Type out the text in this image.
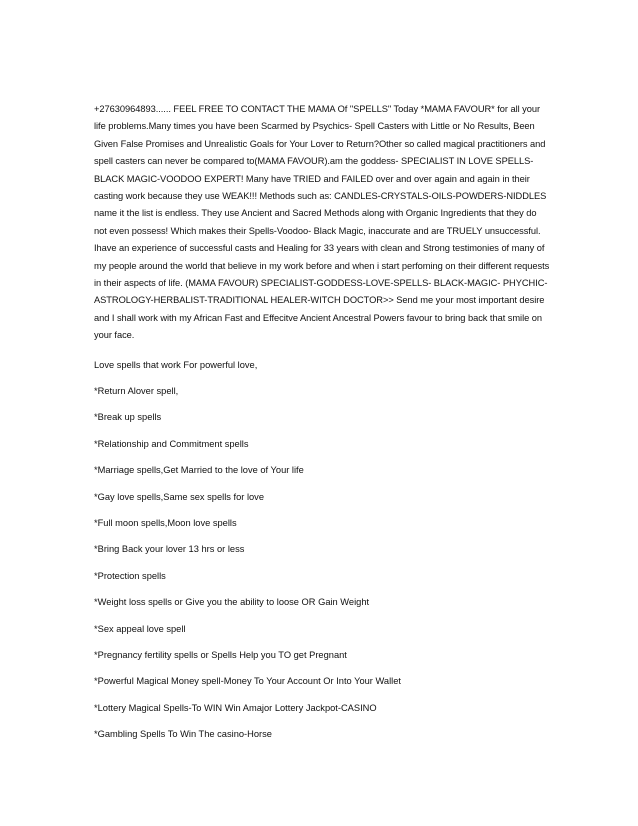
+27630964893...... FEEL FREE TO CONTACT THE MAMA Of "SPELLS" Today *MAMA FAVOUR* for all your life problems.Many times you have been Scarmed by Psychics- Spell Casters with Little or No Results, Been Given False Promises and Unrealistic Goals for Your Lover to Return?Other so called magical practitioners and spell casters can never be compared to(MAMA FAVOUR).am the goddess- SPECIALIST IN LOVE SPELLS-BLACK MAGIC-VOODOO EXPERT! Many have TRIED and FAILED over and over again and again in their casting work because they use WEAK!!! Methods such as: CANDLES-CRYSTALS-OILS-POWDERS-NIDDLES name it the list is endless. They use Ancient and Sacred Methods along with Organic Ingredients that they do not even possess! Which makes their Spells-Voodoo- Black Magic, inaccurate and are TRUELY unsuccessful. Ihave an experience of successful casts and Healing for 33 years with clean and Strong testimonies of many of my people around the world that believe in my work before and when i start perfoming on their different requests in their aspects of life. (MAMA FAVOUR) SPECIALIST-GODDESS-LOVE-SPELLS- BLACK-MAGIC- PHYCHIC-ASTROLOGY-HERBALIST-TRADITIONAL HEALER-WITCH DOCTOR>> Send me your most important desire and I shall work with my African Fast and Effecitve Ancient Ancestral Powers favour to bring back that smile on your face.

Love spells that work For powerful love,
*Return Alover spell,
*Break up spells
*Relationship and Commitment spells
*Marriage spells,Get Married to the love of Your life
*Gay love spells,Same sex spells for love
*Full moon spells,Moon love spells
*Bring Back your lover 13 hrs or less
*Protection spells
*Weight loss spells or Give you the ability to loose OR Gain Weight
*Sex appeal love spell
*Pregnancy fertility spells or Spells Help you TO get Pregnant
*Powerful Magical Money spell-Money To Your Account Or Into Your Wallet
*Lottery Magical Spells-To WIN Win Amajor Lottery Jackpot-CASINO
*Gambling Spells To Win The casino-Horse
